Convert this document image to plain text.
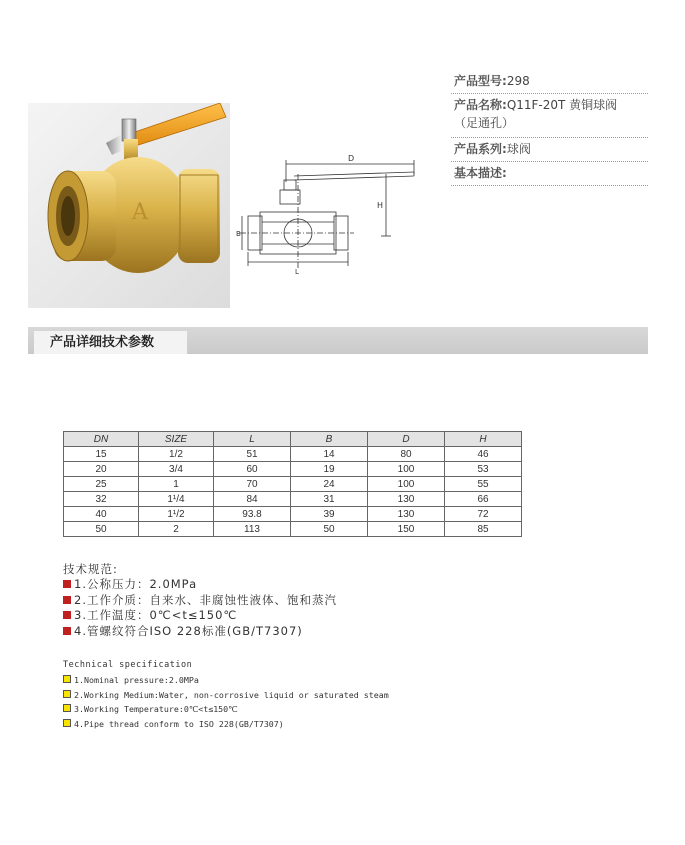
A
D
H
B
L
产品型号:298
产品名称:Q11F-20T 黄铜球阀
（足通孔）
产品系列:球阀
基本描述:
产品详细技术参数
DN	SIZE	L	B	D	H
15	1/2	51	14	80	46
20	3/4	60	19	100	53
25	1	70	24	100	55
32	1¹/4	84	31	130	66
40	1¹/2	93.8	39	130	72
50	2	113	50	150	85
技术规范:
1.公称压力：2.0MPa
2.工作介质：自来水、非腐蚀性液体、饱和蒸汽
3.工作温度：0℃<t≤150℃
4.管螺纹符合ISO 228标准(GB/T7307)
Technical specification
1.Nominal pressure:2.0MPa
2.Working Medium:Water, non-corrosive liquid or saturated steam
3.Working Temperature:0℃<t≤150℃
4.Pipe thread conform to ISO 228(GB/T7307)
